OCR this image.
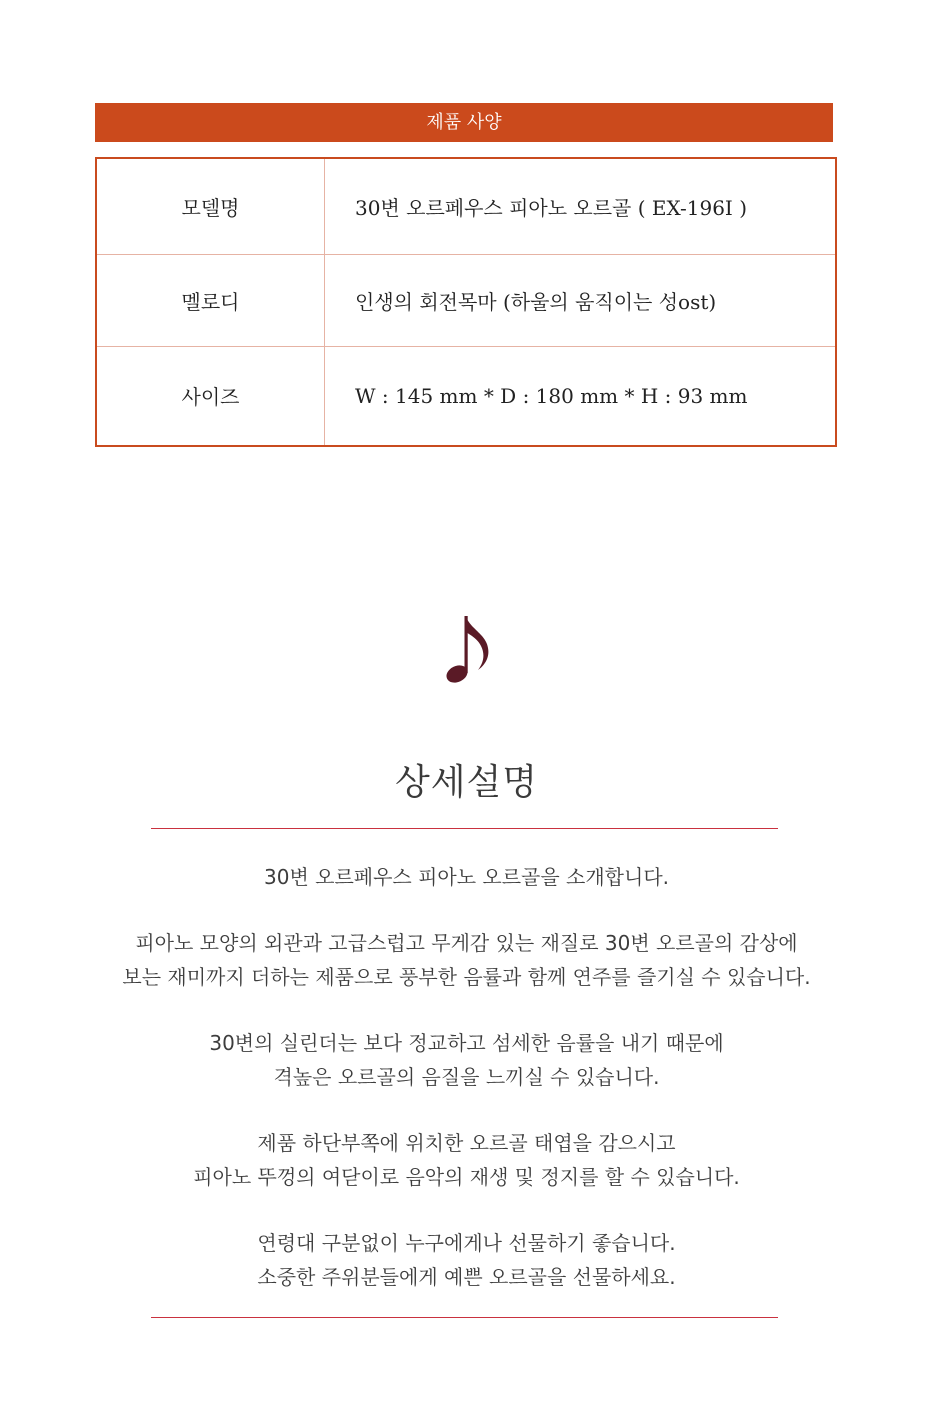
제품 사양
모델명	30변 오르페우스 피아노 오르골 ( EX-196I )
멜로디	인생의 회전목마 (하울의 움직이는 성ost)
사이즈	W : 145 mm * D : 180 mm * H : 93 mm
상세설명

30변 오르페우스 피아노 오르골을 소개합니다.

피아노 모양의 외관과 고급스럽고 무게감 있는 재질로 30변 오르골의 감상에

보는 재미까지 더하는 제품으로 풍부한 음률과 함께 연주를 즐기실 수 있습니다.

30변의 실린더는 보다 정교하고 섬세한 음률을 내기 때문에

격높은 오르골의 음질을 느끼실 수 있습니다.

제품 하단부쪽에 위치한 오르골 태엽을 감으시고

피아노 뚜껑의 여닫이로 음악의 재생 및 정지를 할 수 있습니다.

연령대 구분없이 누구에게나 선물하기 좋습니다.

소중한 주위분들에게 예쁜 오르골을 선물하세요.
